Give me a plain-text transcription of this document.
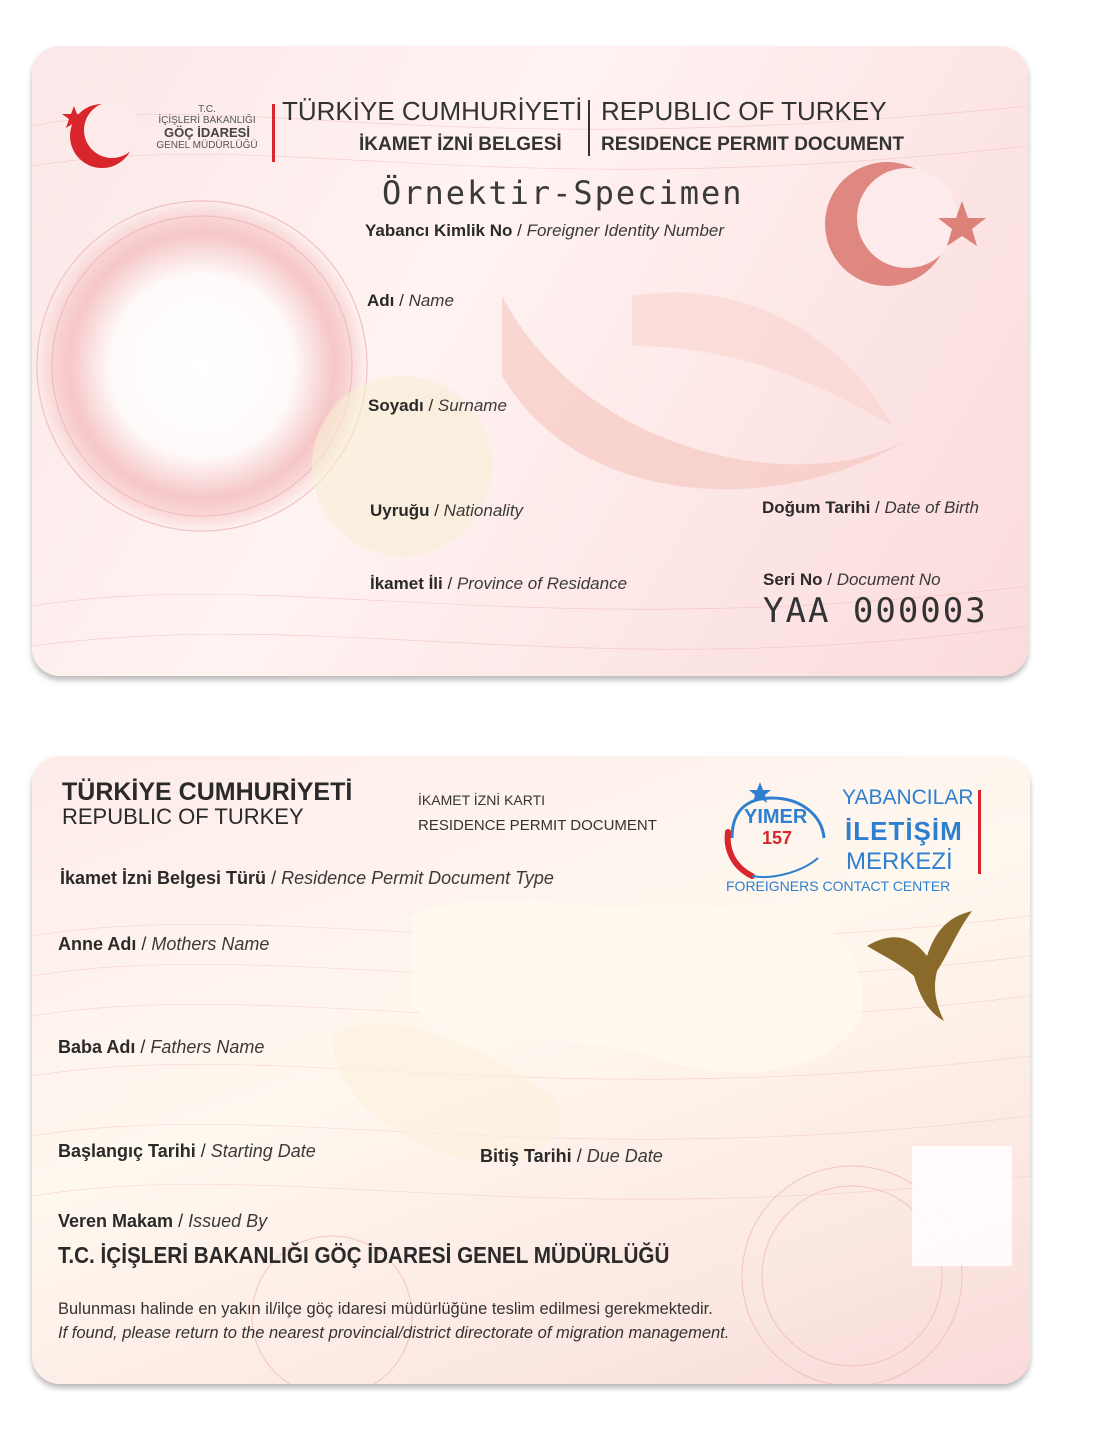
T.C.
İÇİŞLERİ BAKANLIĞI
GÖÇ İDARESİ
GENEL MÜDÜRLÜĞÜ
TÜRKİYE CUMHURİYETİ
İKAMET İZNİ BELGESİ
REPUBLIC OF TURKEY
RESIDENCE PERMIT DOCUMENT
Örnektir-Specimen
Yabancı Kimlik No / Foreigner Identity Number
Adı / Name
Soyadı / Surname
Uyruğu / Nationality	Doğum Tarihi / Date of Birth
İkamet İli / Province of Residance	Seri No / Document No
YAA 000003
TÜRKİYE CUMHURİYETİ
REPUBLIC OF TURKEY
İKAMET İZNİ KARTI
RESIDENCE PERMIT DOCUMENT	YIMER
157
YABANCILAR
İLETİŞİM
MERKEZİ
FOREIGNERS CONTACT CENTER
İkamet İzni Belgesi Türü / Residence Permit Document Type
Anne Adı / Mothers Name
Baba Adı / Fathers Name
Başlangıç Tarihi / Starting Date	Bitiş Tarihi / Due Date
Veren Makam / Issued By
T.C. İÇİŞLERİ BAKANLIĞI GÖÇ İDARESİ GENEL MÜDÜRLÜĞÜ
Bulunması halinde en yakın il/ilçe göç idaresi müdürlüğüne teslim edilmesi gerekmektedir.
If found, please return to the nearest provincial/district directorate of migration management.
